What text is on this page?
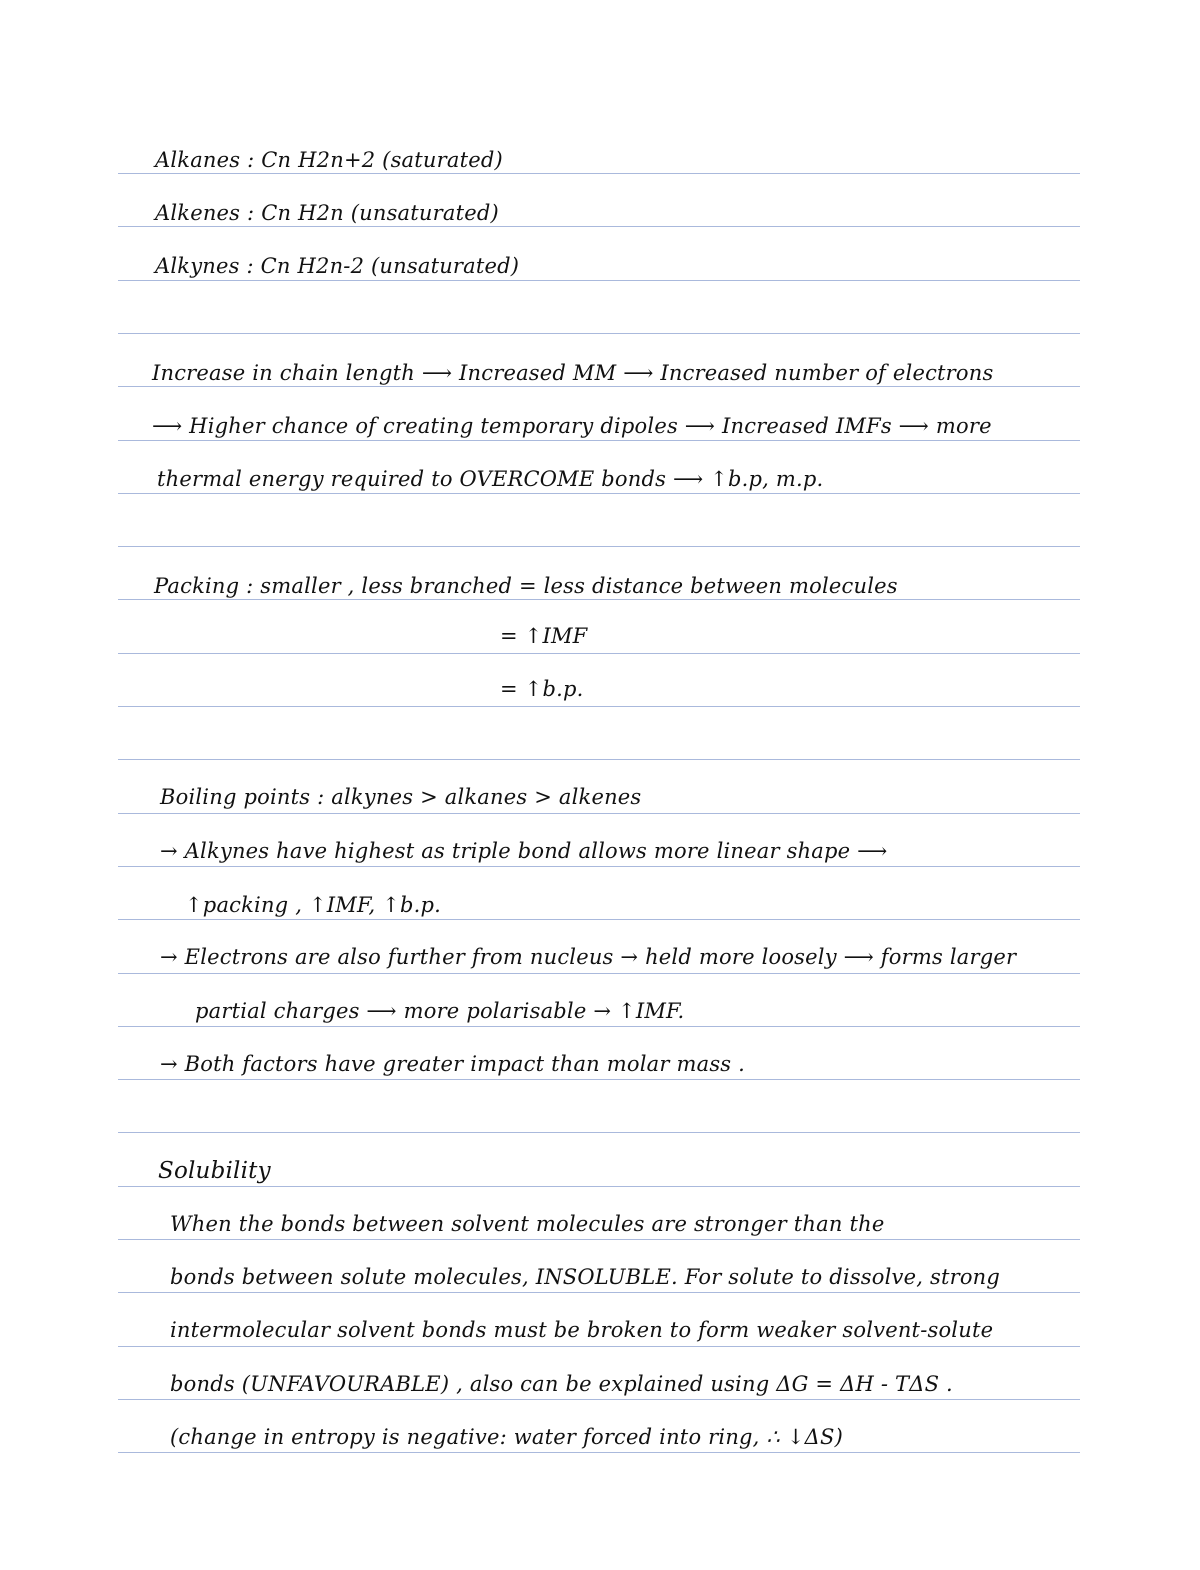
Alkanes : Cn H2n+2 (saturated)
Alkenes : Cn H2n (unsaturated)
Alkynes : Cn H2n-2 (unsaturated)
Increase in chain length ⟶ Increased MM ⟶ Increased number of electrons
⟶ Higher chance of creating temporary dipoles ⟶ Increased IMFs ⟶ more
thermal energy required to OVERCOME bonds ⟶ ↑b.p, m.p.
Packing : smaller , less branched = less distance between molecules
= ↑IMF
= ↑b.p.
Boiling points : alkynes > alkanes > alkenes
→ Alkynes have highest as triple bond allows more linear shape ⟶
↑packing , ↑IMF, ↑b.p.
→ Electrons are also further from nucleus → held more loosely ⟶ forms larger
partial charges ⟶ more polarisable → ↑IMF.
→ Both factors have greater impact than molar mass .
Solubility
When the bonds between solvent molecules are stronger than the
bonds between solute molecules, INSOLUBLE. For solute to dissolve, strong
intermolecular solvent bonds must be broken to form weaker solvent-solute
bonds (UNFAVOURABLE) , also can be explained using ΔG = ΔH - TΔS .
(change in entropy is negative: water forced into ring, ∴ ↓ΔS)
